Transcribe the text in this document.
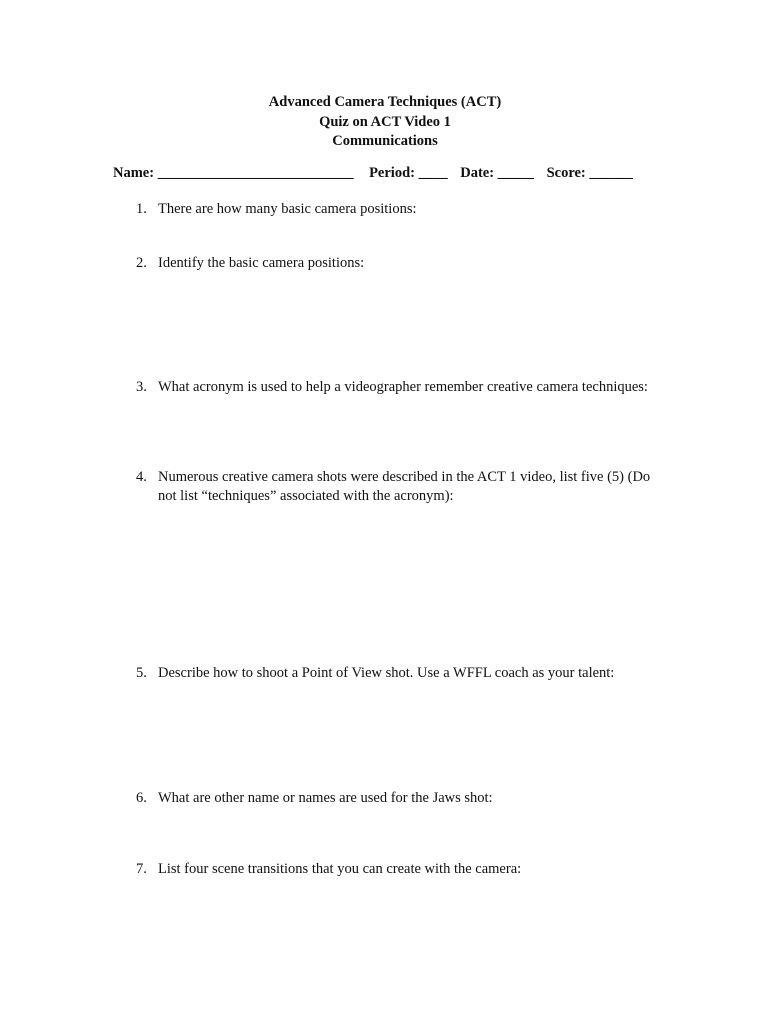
Advanced Camera Techniques (ACT)
Quiz on ACT Video 1
Communications
Name: ___________________________ Period: ____ Date: _____ Score: ______
1. There are how many basic camera positions:
2. Identify the basic camera positions:
3. What acronym is used to help a videographer remember creative camera techniques:
4. Numerous creative camera shots were described in the ACT 1 video, list five (5) (Do not list “techniques” associated with the acronym):
5. Describe how to shoot a Point of View shot. Use a WFFL coach as your talent:
6. What are other name or names are used for the Jaws shot:
7. List four scene transitions that you can create with the camera:
